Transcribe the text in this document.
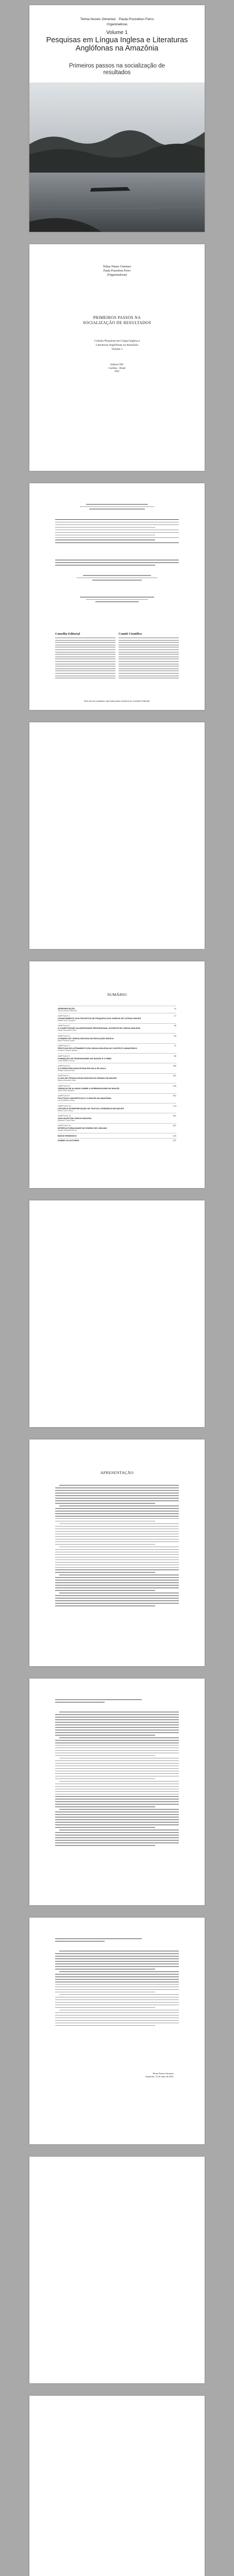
Telma Nunes Gimenez · Paula Pozzebon Ferro
Organizadoras
Volume 1
Pesquisas em Língua Inglesa e Literaturas Anglófonas na Amazônia
Primeiros passos na socialização de resultados
Telma Nunes Gimenez
Paula Pozzebon Ferro
(Organizadoras)
PRIMEIROS PASSOS NA
SOCIALIZAÇÃO DE RESULTADOS
Coleção Pesquisas em Língua Inglesa e
Literaturas Anglófonas na Amazônia
Volume 1
Editora CRV
Curitiba – Brasil
2021
Conselho Editorial	Comitê Científico
Esta obra foi avaliada e aprovada pelos membros do Conselho Editorial.
SUMÁRIO
APRESENTAÇÃO
Telma Nunes Gimenez
11
CAPÍTULO 1
LEVANTAMENTO DOS PROJETOS DE PESQUISA DOS CURSOS DE LETRAS INGLÊS
Adília Lima Carvalho
17
CAPÍTULO 2
A CONSTITUIÇÃO DA IDENTIDADE PROFISSIONAL DOCENTE DE LÍNGUA INGLESA
Paula Pozzebon Ferro
35
CAPÍTULO 3
O ENSINO DE LÍNGUA INGLESA NA EDUCAÇÃO BÁSICA
Marli Ferreira Lopes
53
CAPÍTULO 4
PRÁTICAS DE LETRAMENTO EM LÍNGUA INGLESA NO CONTEXTO AMAZÔNICO
Viviane Cristina Santos
71
CAPÍTULO 5
FORMAÇÃO DE PROFESSORES DE INGLÊS E O PIBID
Carla Ribeiro Sousa
89
CAPÍTULO 6
A LITERATURA ANGLÓFONA EM SALA DE AULA
Rafael Oliveira Reis
105
CAPÍTULO 7
O USO DE TECNOLOGIAS DIGITAIS NO ENSINO DE INGLÊS
Bianca Monteiro Dias
121
CAPÍTULO 8
CRENÇAS DE ALUNOS SOBRE A APRENDIZAGEM DE INGLÊS
João Pedro Martins
139
CAPÍTULO 9
POLÍTICAS LINGUÍSTICAS E O INGLÊS NA AMAZÔNIA
Lúcia Helena Farias
157
CAPÍTULO 10
LEITURA E INTERPRETAÇÃO DE TEXTOS LITERÁRIOS EM INGLÊS
André Luiz Cunha
173
CAPÍTULO 11
AVALIAÇÃO EM LÍNGUA INGLESA
Mariana Costa Pinto
191
CAPÍTULO 12
INTERCULTURALIDADE NO ENSINO DE LÍNGUAS
Sérgio Almeida Rocha
207
ÍNDICE REMISSIVO	223
SOBRE OS AUTORES	227
APRESENTAÇÃO
Telma Nunes Gimenez
Santarém, 15 de maio de 2021
